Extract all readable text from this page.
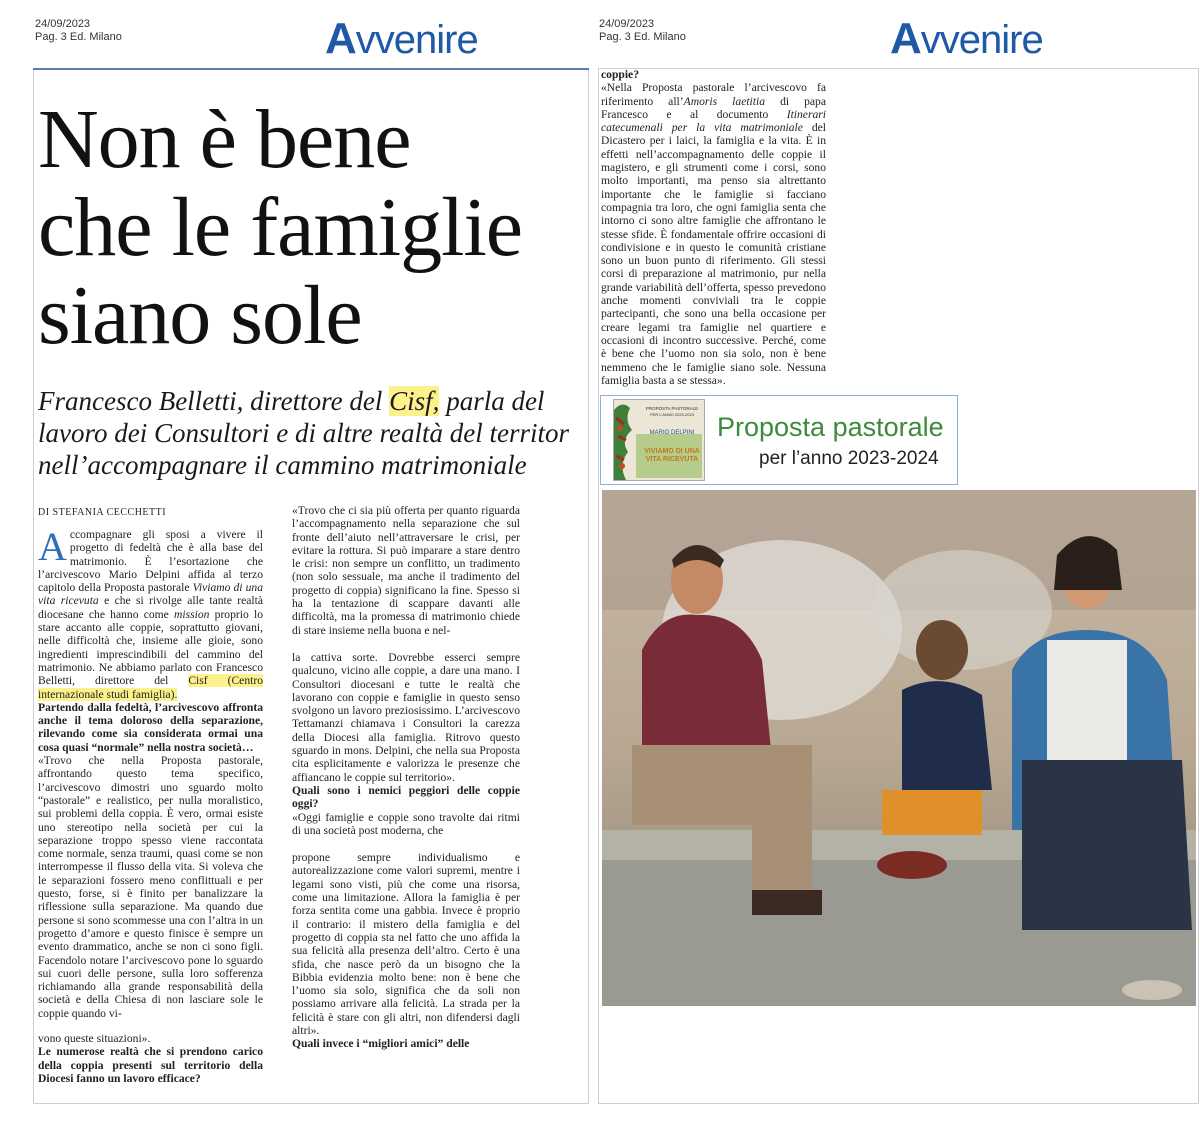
24/09/2023
Pag. 3 Ed. Milano	Avvenire
Non è bene
che le famiglie
siano sole
Francesco Belletti, direttore del Cisf, parla del
lavoro dei Consultori e di altre realtà del territor
nell’accompagnare il cammino matrimoniale
DI STEFANIA CECCHETTI

Accompagnare gli sposi a vivere il progetto di fedeltà che è alla base del matrimonio. È l’esortazione che l’arcivescovo Mario Delpini affida al terzo capitolo della Proposta pastorale Viviamo di una vita ricevuta e che si rivolge alle tante realtà diocesane che hanno come mission proprio lo stare accanto alle coppie, soprattutto giovani, nelle difficoltà che, insieme alle gioie, sono ingredienti imprescindibili del cammino del matrimonio. Ne abbiamo parlato con Francesco Belletti, direttore del Cisf (Centro internazionale studi famiglia).

Partendo dalla fedeltà, l’arcivescovo affronta anche il tema doloroso della separazione, rilevando come sia considerata ormai una cosa quasi “normale” nella nostra società…

«Trovo che nella Proposta pastorale, affrontando questo tema specifico, l’arcivescovo dimostri uno sguardo molto “pastorale” e realistico, per nulla moralistico, sui problemi della coppia. È vero, ormai esiste uno stereotipo nella società per cui la separazione troppo spesso viene raccontata come normale, senza traumi, quasi come se non interrompesse il flusso della vita. Si voleva che le separazioni fossero meno conflittuali e per questo, forse, si è finito per banalizzare la riflessione sulla separazione. Ma quando due persone si sono scommesse una con l’altra in un progetto d’amore e questo finisce è sempre un evento drammatico, anche se non ci sono figli. Facendolo notare l’arcivescovo pone lo sguardo sui cuori delle persone, sulla loro sofferenza richiamando alla grande responsabilità della società e della Chiesa di non lasciare sole le coppie quando vi-

vono queste situazioni».

Le numerose realtà che si prendono carico della coppia presenti sul territorio della Diocesi fanno un lavoro efficace?

«Trovo che ci sia più offerta per quanto riguarda l’accompagnamento nella separazione che sul fronte dell’aiuto nell’attraversare le crisi, per evitare la rottura. Si può imparare a stare dentro le crisi: non sempre un conflitto, un tradimento (non solo sessuale, ma anche il tradimento del progetto di coppia) significano la fine. Spesso si ha la tentazione di scappare davanti alle difficoltà, ma la promessa di matrimonio chiede di stare insieme nella buona e nel-

la cattiva sorte. Dovrebbe esserci sempre qualcuno, vicino alle coppie, a dare una mano. I Consultori diocesani e tutte le realtà che lavorano con coppie e famiglie in questo senso svolgono un lavoro preziosissimo. L’arcivescovo Tettamanzi chiamava i Consultori la carezza della Diocesi alla famiglia. Ritrovo questo sguardo in mons. Delpini, che nella sua Proposta cita esplicitamente e valorizza le presenze che affiancano le coppie sul territorio».

Quali sono i nemici peggiori delle coppie oggi?

«Oggi famiglie e coppie sono travolte dai ritmi di una società post moderna, che

propone sempre individualismo e autorealizzazione come valori supremi, mentre i legami sono visti, più che come una risorsa, come una limitazione. Allora la famiglia è per forza sentita come una gabbia. Invece è proprio il contrario: il mistero della famiglia e del progetto di coppia sta nel fatto che uno affida la sua felicità alla presenza dell’altro. Certo è una sfida, che nasce però da un bisogno che la Bibbia evidenzia molto bene: non è bene che l’uomo sia solo, significa che da soli non possiamo arrivare alla felicità. La strada per la felicità è stare con gli altri, non difendersi dagli altri».

Quali invece i “migliori amici” delle

24/09/2023
Pag. 3 Ed. Milano	Avvenire

coppie?

«Nella Proposta pastorale l’arcivescovo fa riferimento all’Amoris laetitia di papa Francesco e al documento Itinerari catecumenali per la vita matrimoniale del Dicastero per i laici, la famiglia e la vita. È in effetti nell’accompagnamento delle coppie il magistero, e gli strumenti come i corsi, sono molto importanti, ma penso sia altrettanto importante che le famiglie si facciano compagnia tra loro, che ogni famiglia senta che intorno ci sono altre famiglie che affrontano le stesse sfide. È fondamentale offrire occasioni di condivisione e in questo le comunità cristiane sono un buon punto di riferimento. Gli stessi corsi di preparazione al matrimonio, pur nella grande variabilità dell’offerta, spesso prevedono anche momenti conviviali tra le coppie partecipanti, che sono una bella occasione per creare legami tra famiglie nel quartiere e occasioni di incontro successive. Perché, come è bene che l’uomo non sia solo, non è bene nemmeno che le famiglie siano sole. Nessuna famiglia basta a se stessa».

PROPOSTA PASTORALE
PER L’ANNO 2023-2024
MARIO DELPINI
VIVIAMO DI UNA VITA RICEVUTA
Proposta pastorale
per l’anno 2023-2024
